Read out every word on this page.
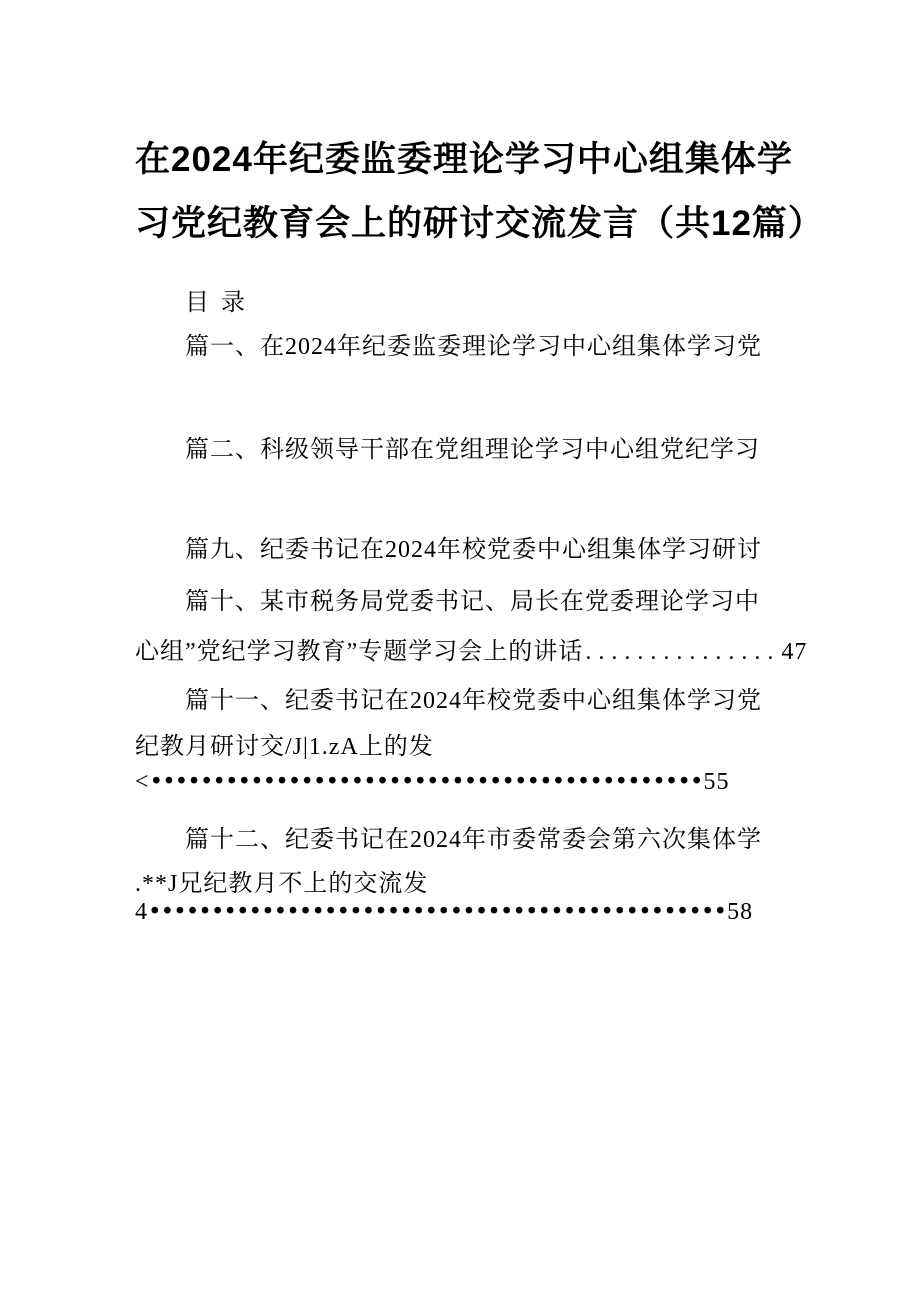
在2024年纪委监委理论学习中心组集体学
习党纪教育会上的研讨交流发言（共12篇）
目录
篇一、在2024年纪委监委理论学习中心组集体学习党
篇二、科级领导干部在党组理论学习中心组党纪学习
篇九、纪委书记在2024年校党委中心组集体学习研讨
篇十、某市税务局党委书记、局长在党委理论学习中
心组”党纪学习教育”专题学习会上的讲话...............47
篇十一、纪委书记在2024年校党委中心组集体学习党
纪教月研讨交/J|1.zA上的发
<••••••••••••••••••••••••••••••••••••••••••••55
篇十二、纪委书记在2024年市委常委会第六次集体学
.**J兄纪教月不上的交流发
4••••••••••••••••••••••••••••••••••••••••••••••58
